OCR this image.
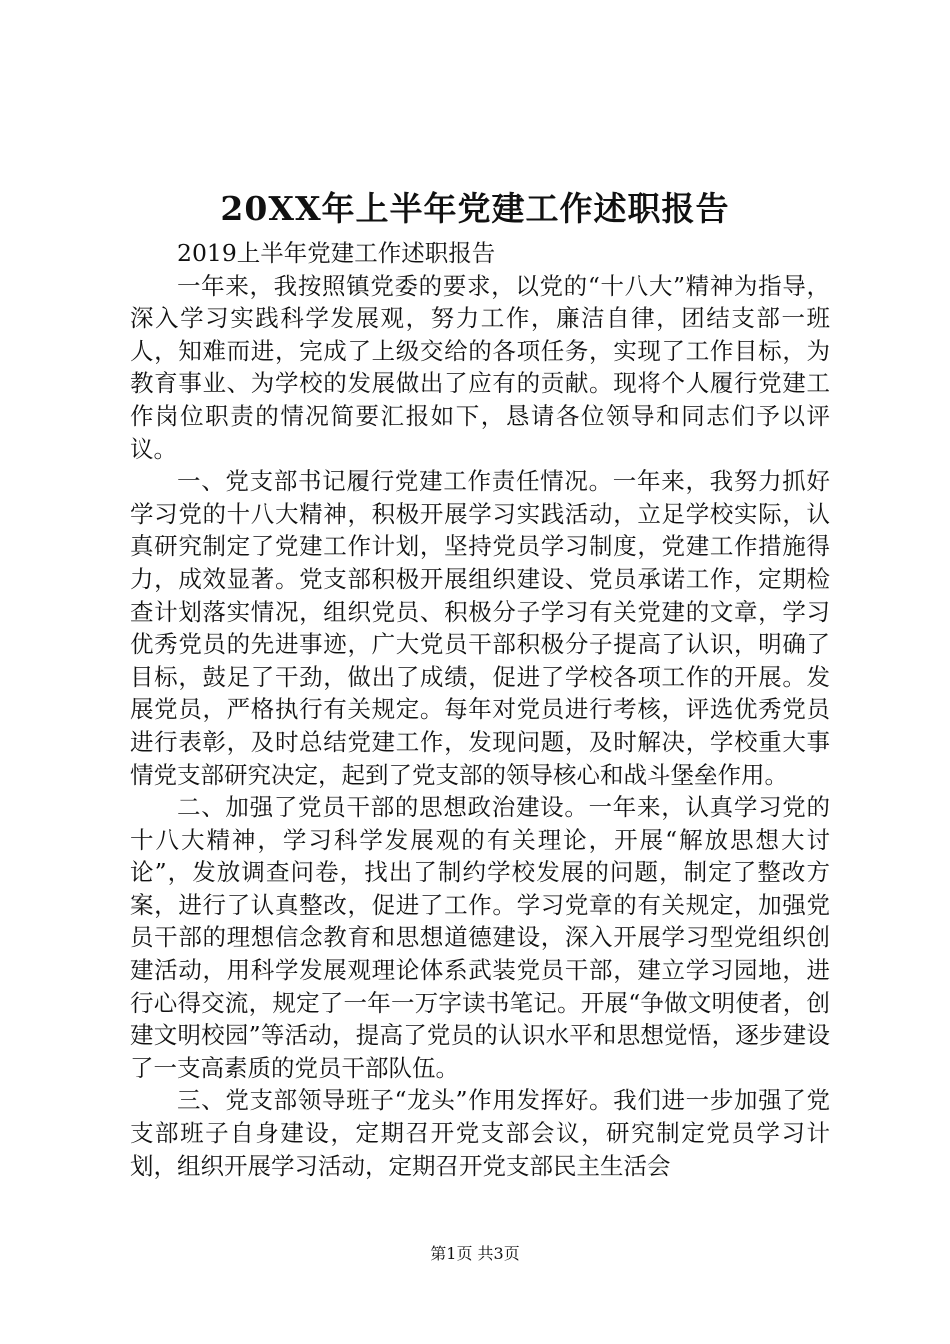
20XX年上半年党建工作述职报告

2019上半年党建工作述职报告

一年来，我按照镇党委的要求，以党的“十八大”精神为指导，深入学习实践科学发展观，努力工作，廉洁自律，团结支部一班人，知难而进，完成了上级交给的各项任务，实现了工作目标，为教育事业、为学校的发展做出了应有的贡献。现将个人履行党建工作岗位职责的情况简要汇报如下，恳请各位领导和同志们予以评议。

一、党支部书记履行党建工作责任情况。一年来，我努力抓好学习党的十八大精神，积极开展学习实践活动，立足学校实际，认真研究制定了党建工作计划，坚持党员学习制度，党建工作措施得力，成效显著。党支部积极开展组织建设、党员承诺工作，定期检查计划落实情况，组织党员、积极分子学习有关党建的文章，学习优秀党员的先进事迹，广大党员干部积极分子提高了认识，明确了目标，鼓足了干劲，做出了成绩，促进了学校各项工作的开展。发展党员，严格执行有关规定。每年对党员进行考核，评选优秀党员进行表彰，及时总结党建工作，发现问题，及时解决，学校重大事情党支部研究决定，起到了党支部的领导核心和战斗堡垒作用。

二、加强了党员干部的思想政治建设。一年来，认真学习党的十八大精神，学习科学发展观的有关理论，开展“解放思想大讨论”，发放调查问卷，找出了制约学校发展的问题，制定了整改方案，进行了认真整改，促进了工作。学习党章的有关规定，加强党员干部的理想信念教育和思想道德建设，深入开展学习型党组织创建活动，用科学发展观理论体系武装党员干部，建立学习园地，进行心得交流，规定了一年一万字读书笔记。开展“争做文明使者，创建文明校园”等活动，提高了党员的认识水平和思想觉悟，逐步建设了一支高素质的党员干部队伍。

三、党支部领导班子“龙头”作用发挥好。我们进一步加强了党支部班子自身建设，定期召开党支部会议，研究制定党员学习计划，组织开展学习活动，定期召开党支部民主生活会

第1页 共3页
